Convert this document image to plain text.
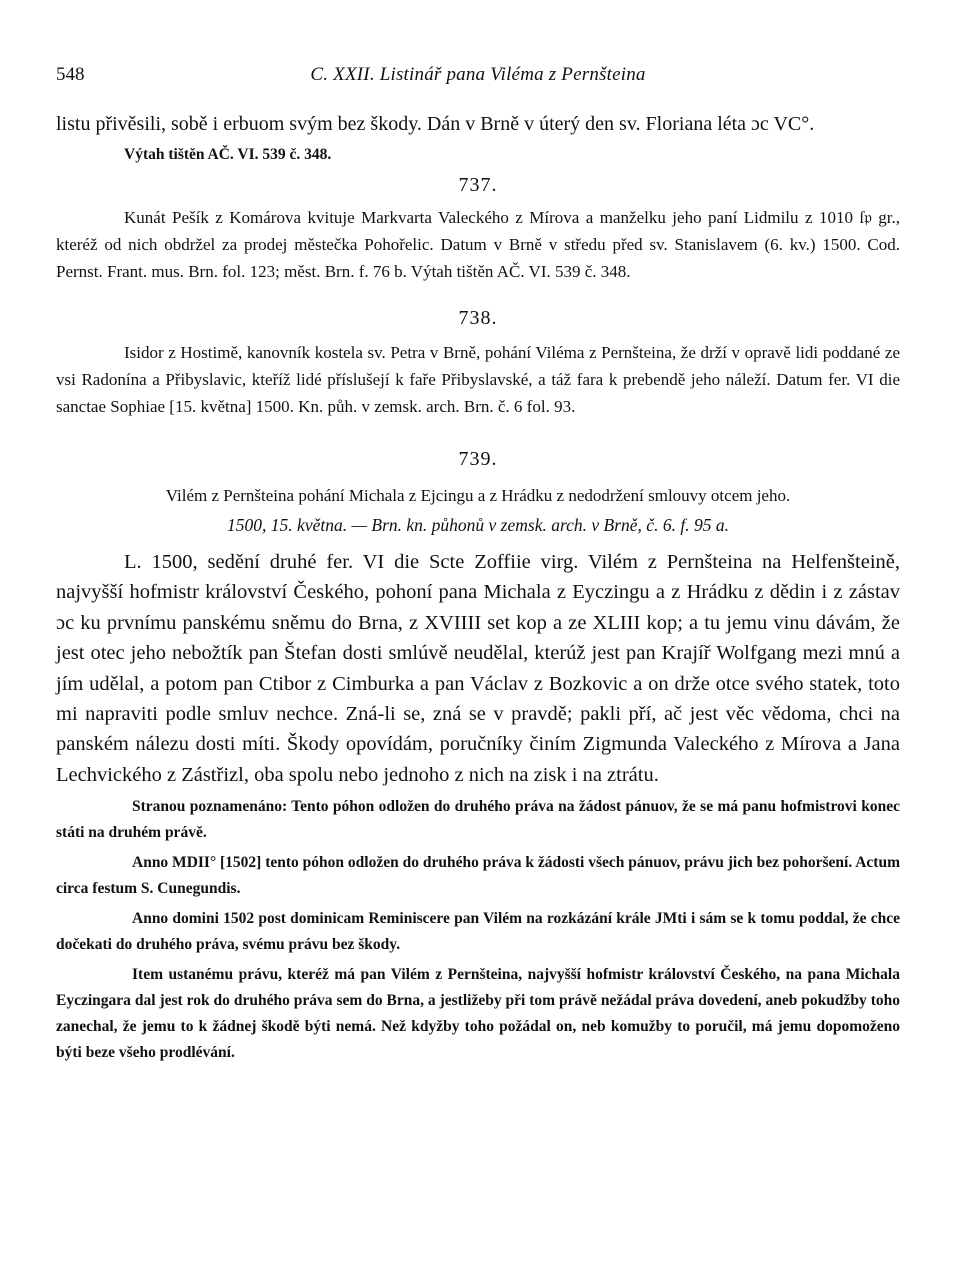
548	C. XXII. Listinář pana Viléma z Pernšteina

listu přivěsili, sobě i erbuom svým bez škody. Dán v Brně v úterý den sv. Floriana léta ɔc VC°.

Výtah tištěn AČ. VI. 539 č. 348.

737.

Kunát Pešík z Komárova kvituje Markvarta Valeckého z Mírova a manželku jeho paní Lidmilu z 1010 ſ𝔭 gr., kteréž od nich obdržel za prodej městečka Pohořelic. Datum v Brně v středu před sv. Stanislavem (6. kv.) 1500. Cod. Pernst. Frant. mus. Brn. fol. 123; měst. Brn. f. 76 b. Výtah tištěn AČ. VI. 539 č. 348.

738.

Isidor z Hostimě, kanovník kostela sv. Petra v Brně, pohání Viléma z Pernšteina, že drží v opravě lidi poddané ze vsi Radonína a Přibyslavic, kteříž lidé příslušejí k faře Přibyslavské, a táž fara k prebendě jeho náleží. Datum fer. VI die sanctae Sophiae [15. května] 1500. Kn. půh. v zemsk. arch. Brn. č. 6 fol. 93.

739.

Vilém z Pernšteina pohání Michala z Ejcingu a z Hrádku z nedodržení smlouvy otcem jeho.

1500, 15. května. — Brn. kn. půhonů v zemsk. arch. v Brně, č. 6. f. 95 a.

L. 1500, sedění druhé fer. VI die Scte Zoffiie virg. Vilém z Pernšteina na Helfenšteině, najvyšší hofmistr království Českého, pohoní pana Michala z Eyczingu a z Hrádku z dědin i z zástav ɔc ku prvnímu panskému sněmu do Brna, z XVIIII set kop a ze XLIII kop; a tu jemu vinu dávám, že jest otec jeho nebožtík pan Štefan dosti smlúvě neudělal, kterúž jest pan Krajíř Wolfgang mezi mnú a jím udělal, a potom pan Ctibor z Cimburka a pan Václav z Bozkovic a on drže otce svého statek, toto mi napraviti podle smluv nechce. Zná-li se, zná se v pravdě; pakli pří, ač jest věc vědoma, chci na panském nálezu dosti míti. Škody opovídám, poručníky činím Zigmunda Valeckého z Mírova a Jana Lechvického z Zástřizl, oba spolu nebo jednoho z nich na zisk i na ztrátu.

Stranou poznamenáno: Tento póhon odložen do druhého práva na žádost pánuov, že se má panu hofmistrovi konec státi na druhém právě.

Anno MDII° [1502] tento póhon odložen do druhého práva k žádosti všech pánuov, právu jich bez pohoršení. Actum circa festum S. Cunegundis.

Anno domini 1502 post dominicam Reminiscere pan Vilém na rozkázání krále JMti i sám se k tomu poddal, že chce dočekati do druhého práva, svému právu bez škody.

Item ustanému právu, kteréž má pan Vilém z Pernšteina, najvyšší hofmistr království Českého, na pana Michala Eyczingara dal jest rok do druhého práva sem do Brna, a jestližeby při tom právě nežádal práva dovedení, aneb pokudžby toho zanechal, že jemu to k žádnej škodě býti nemá. Než kdyžby toho požádal on, neb komužby to poručil, má jemu dopomoženo býti beze všeho prodlévání.
